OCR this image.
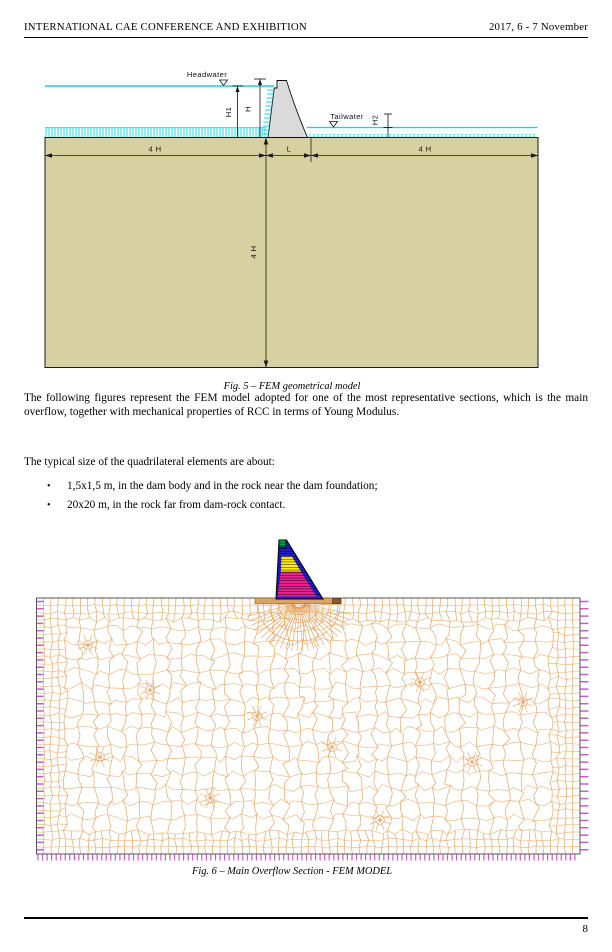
INTERNATIONAL CAE CONFERENCE AND EXHIBITION	2017, 6 - 7 November
4 H	L	4 H
4 H
H1 H
H2
Headwater
Tailwater
Fig. 5 – FEM geometrical model

The following figures represent the FEM model adopted for one of the most representative sections, which is the main overflow, together with mechanical properties of RCC in terms of Young Modulus.

The typical size of the quadrilateral elements are about:

•	1,5x1,5 m, in the dam body and in the rock near the dam foundation;
•	20x20 m, in the rock far from dam-rock contact.
Fig. 6 – Main Overflow Section - FEM MODEL
8
